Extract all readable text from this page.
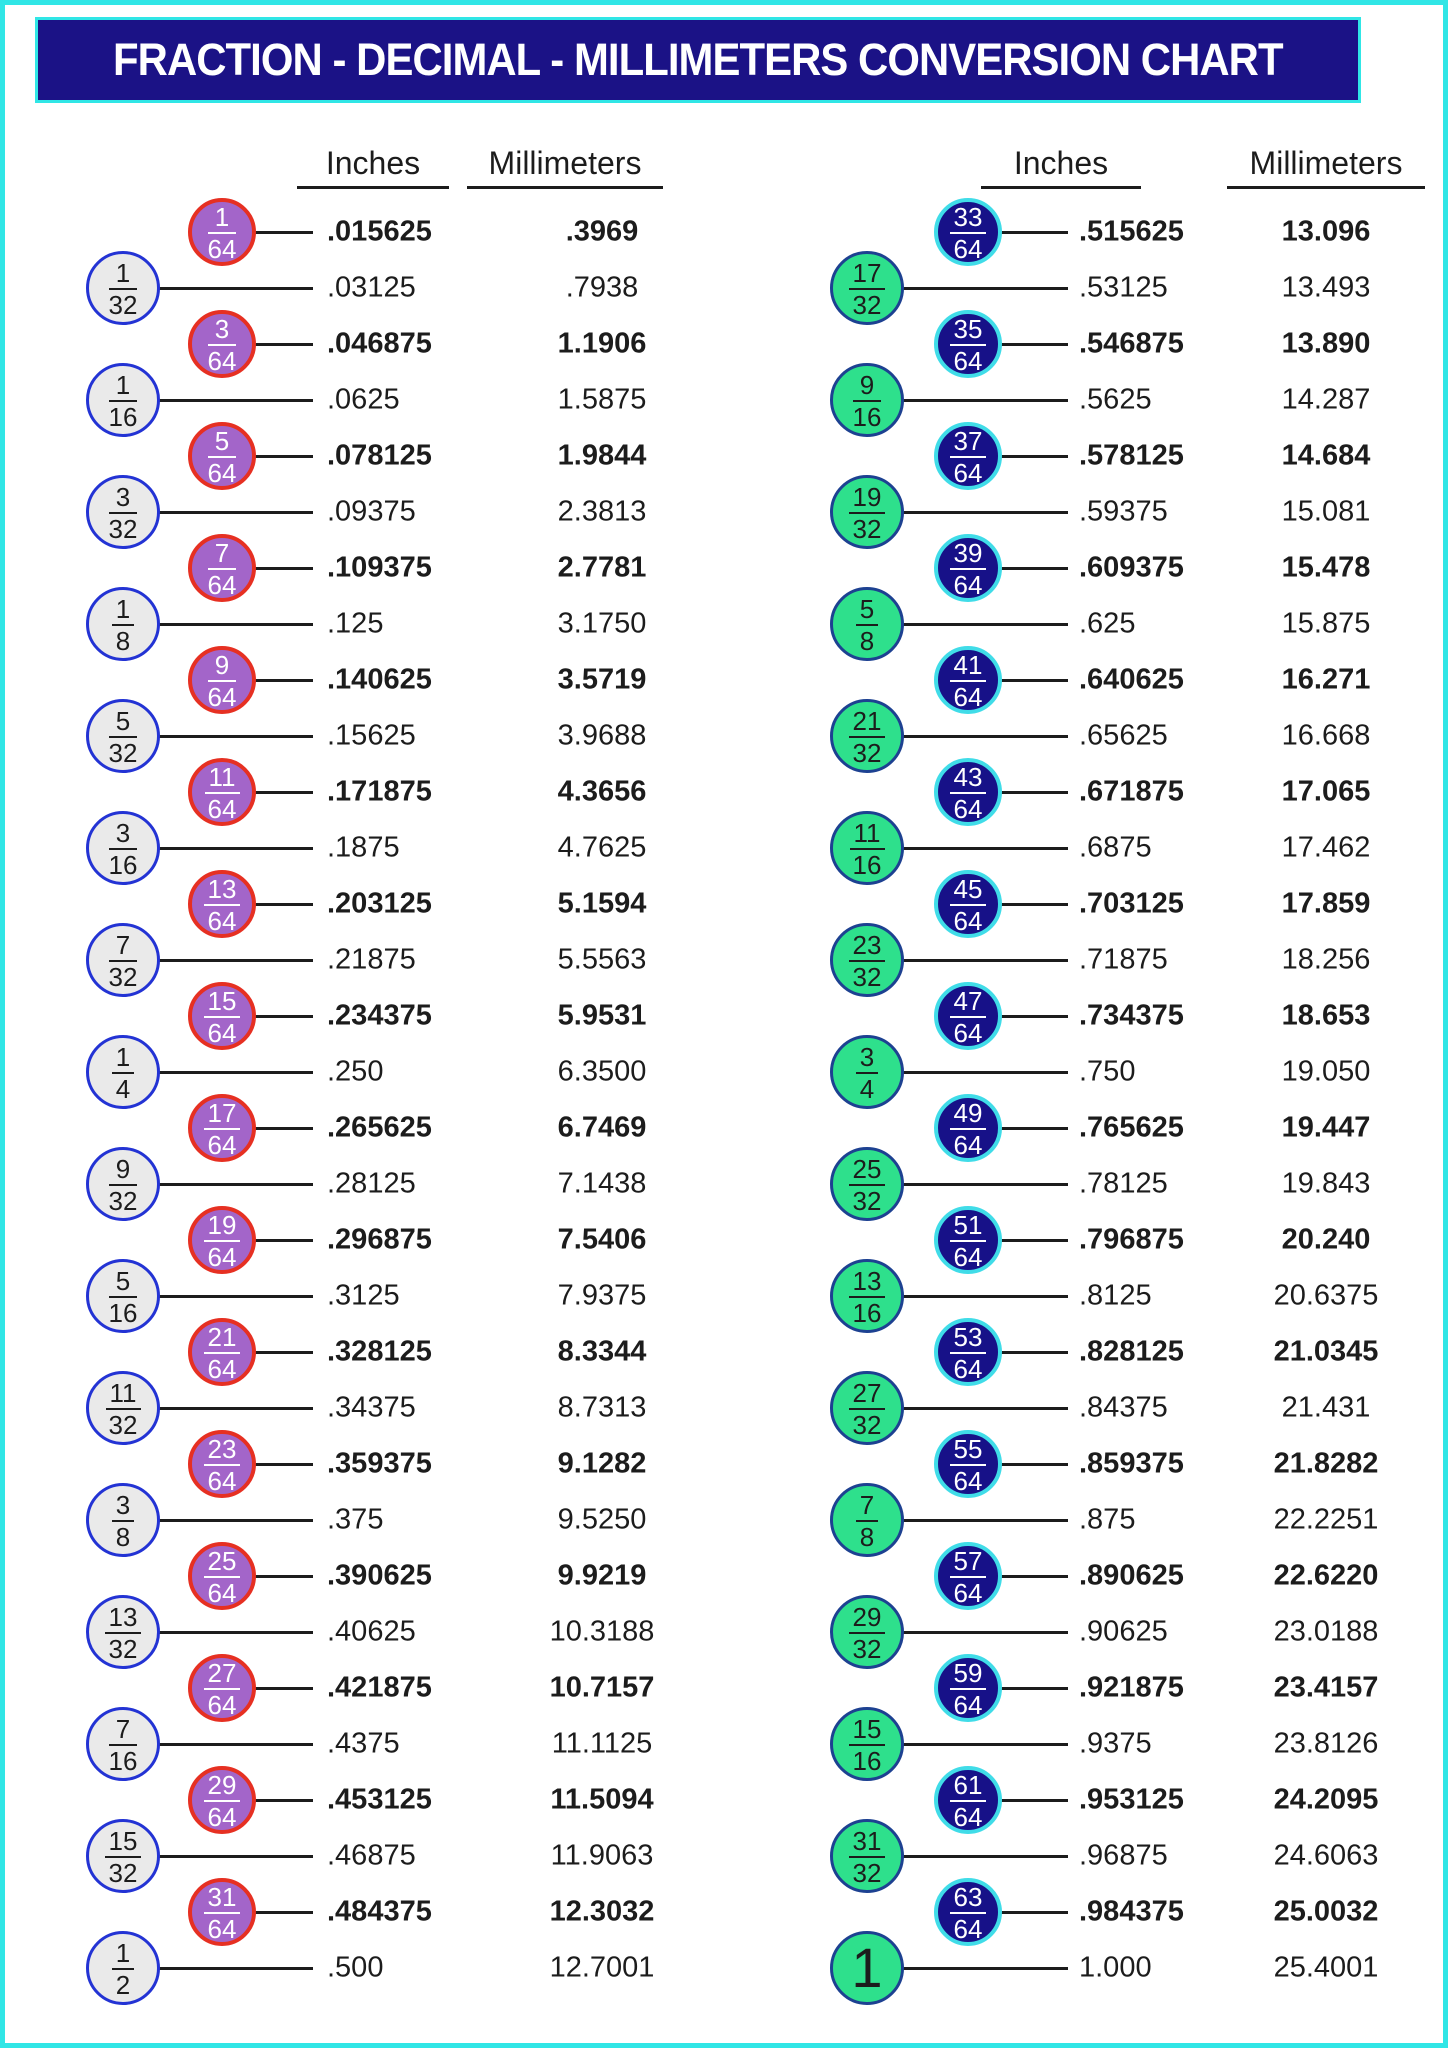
FRACTION - DECIMAL - MILLIMETERS CONVERSION CHART
Inches	Millimeters	Inches	Millimeters
$\frac{1}{64}$	.015625	.3969
$\frac{1}{32}$	.03125	.7938
$\frac{3}{64}$	.046875	1.1906
$\frac{1}{16}$	.0625	1.5875
$\frac{5}{64}$	.078125	1.9844
$\frac{3}{32}$	.09375	2.3813
$\frac{7}{64}$	.109375	2.7781
$\frac{1}{8}$	.125	3.1750
$\frac{9}{64}$	.140625	3.5719
$\frac{5}{32}$	.15625	3.9688
$\frac{11}{64}$	.171875	4.3656
$\frac{3}{16}$	.1875	4.7625
$\frac{13}{64}$	.203125	5.1594
$\frac{7}{32}$	.21875	5.5563
$\frac{15}{64}$	.234375	5.9531
$\frac{1}{4}$	.250	6.3500
$\frac{17}{64}$	.265625	6.7469
$\frac{9}{32}$	.28125	7.1438
$\frac{19}{64}$	.296875	7.5406
$\frac{5}{16}$	.3125	7.9375
$\frac{21}{64}$	.328125	8.3344
$\frac{11}{32}$	.34375	8.7313
$\frac{23}{64}$	.359375	9.1282
$\frac{3}{8}$	.375	9.5250
$\frac{25}{64}$	.390625	9.9219
$\frac{13}{32}$	.40625	10.3188
$\frac{27}{64}$	.421875	10.7157
$\frac{7}{16}$	.4375	11.1125
$\frac{29}{64}$	.453125	11.5094
$\frac{15}{32}$	.46875	11.9063
$\frac{31}{64}$	.484375	12.3032
$\frac{1}{2}$	.500	12.7001
$\frac{33}{64}$	.515625	13.096
$\frac{17}{32}$	.53125	13.493
$\frac{35}{64}$	.546875	13.890
$\frac{9}{16}$	.5625	14.287
$\frac{37}{64}$	.578125	14.684
$\frac{19}{32}$	.59375	15.081
$\frac{39}{64}$	.609375	15.478
$\frac{5}{8}$	.625	15.875
$\frac{41}{64}$	.640625	16.271
$\frac{21}{32}$	.65625	16.668
$\frac{43}{64}$	.671875	17.065
$\frac{11}{16}$	.6875	17.462
$\frac{45}{64}$	.703125	17.859
$\frac{23}{32}$	.71875	18.256
$\frac{47}{64}$	.734375	18.653
$\frac{3}{4}$	.750	19.050
$\frac{49}{64}$	.765625	19.447
$\frac{25}{32}$	.78125	19.843
$\frac{51}{64}$	.796875	20.240
$\frac{13}{16}$	.8125	20.6375
$\frac{53}{64}$	.828125	21.0345
$\frac{27}{32}$	.84375	21.431
$\frac{55}{64}$	.859375	21.8282
$\frac{7}{8}$	.875	22.2251
$\frac{57}{64}$	.890625	22.6220
$\frac{29}{32}$	.90625	23.0188
$\frac{59}{64}$	.921875	23.4157
$\frac{15}{16}$	.9375	23.8126
$\frac{61}{64}$	.953125	24.2095
$\frac{31}{32}$	.96875	24.6063
$\frac{63}{64}$	.984375	25.0032
1	1.000	25.4001
